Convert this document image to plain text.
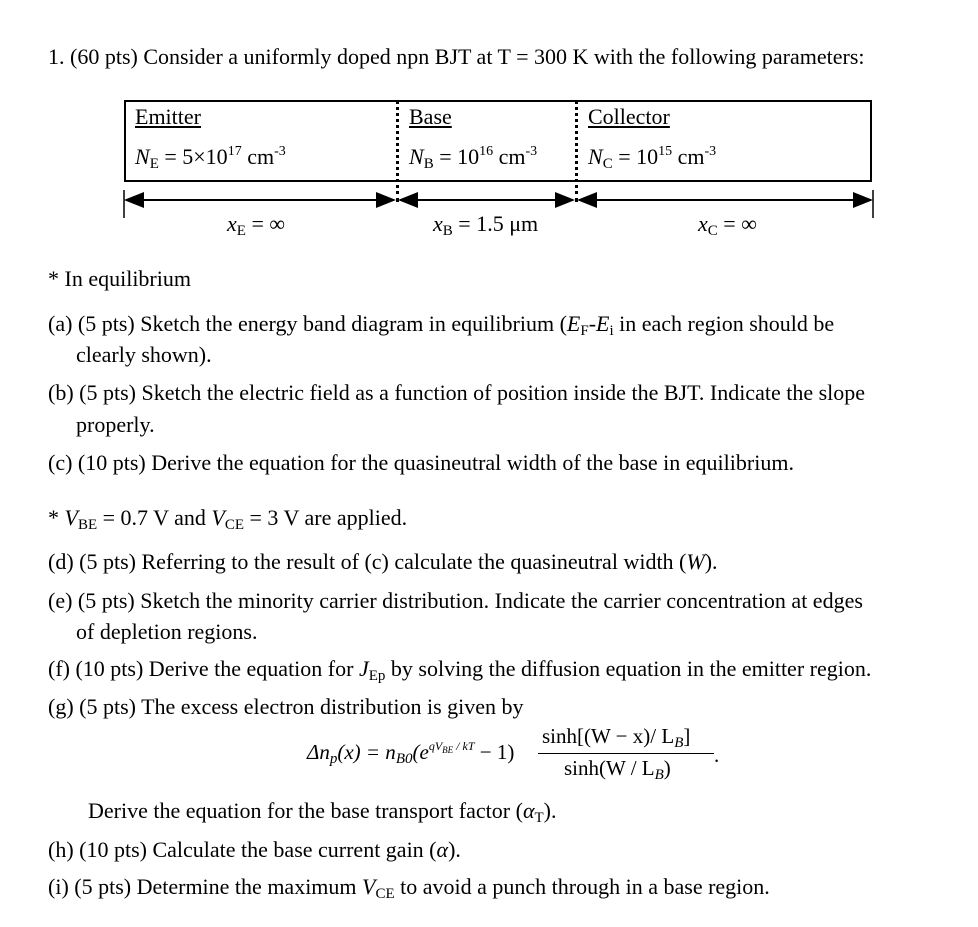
1. (60 pts) Consider a uniformly doped npn BJT at T = 300 K with the following parameters:
Emitter
$N_E = 5\times 10^{17}$ $cm^{-3}$
Base
$N_B = 10^{16}$ $cm^{-3}$
Collector
$N_C = 10^{15}$ $cm^{-3}$
$x_E$ = ∞	$x_B = 1.5$ μm	$x_C$ = ∞
* In equilibrium
(a) (5 pts) Sketch the energy band diagram in equilibrium ($E_F-E_i$ in each region should be
clearly shown).
(b) (5 pts) Sketch the electric field as a function of position inside the BJT. Indicate the slope
properly.
(c) (10 pts) Derive the equation for the quasineutral width of the base in equilibrium.
* $V_{BE} = 0.7$ V and $V_{CE} = 3$ V are applied.
(d) (5 pts) Referring to the result of (c) calculate the quasineutral width (W).
(e) (5 pts) Sketch the minority carrier distribution. Indicate the carrier concentration at edges
of depletion regions.
(f) (10 pts) Derive the equation for $J_{Ep}$ by solving the diffusion equation in the emitter region.
(g) (5 pts) The excess electron distribution is given by
$\Delta n_p(x) = n_{B0}(e^{qVBE}$ $^{/ kT}$ − 1)
sinh[(W − x)/ $L_B$]
$\sinh(W / L_B)$
.
Derive the equation for the base transport factor $(\alpha_T)$.
(h) (10 pts) Calculate the base current gain (α).
(i) (5 pts) Determine the maximum $V_{CE}$ to avoid a punch through in a base region.
